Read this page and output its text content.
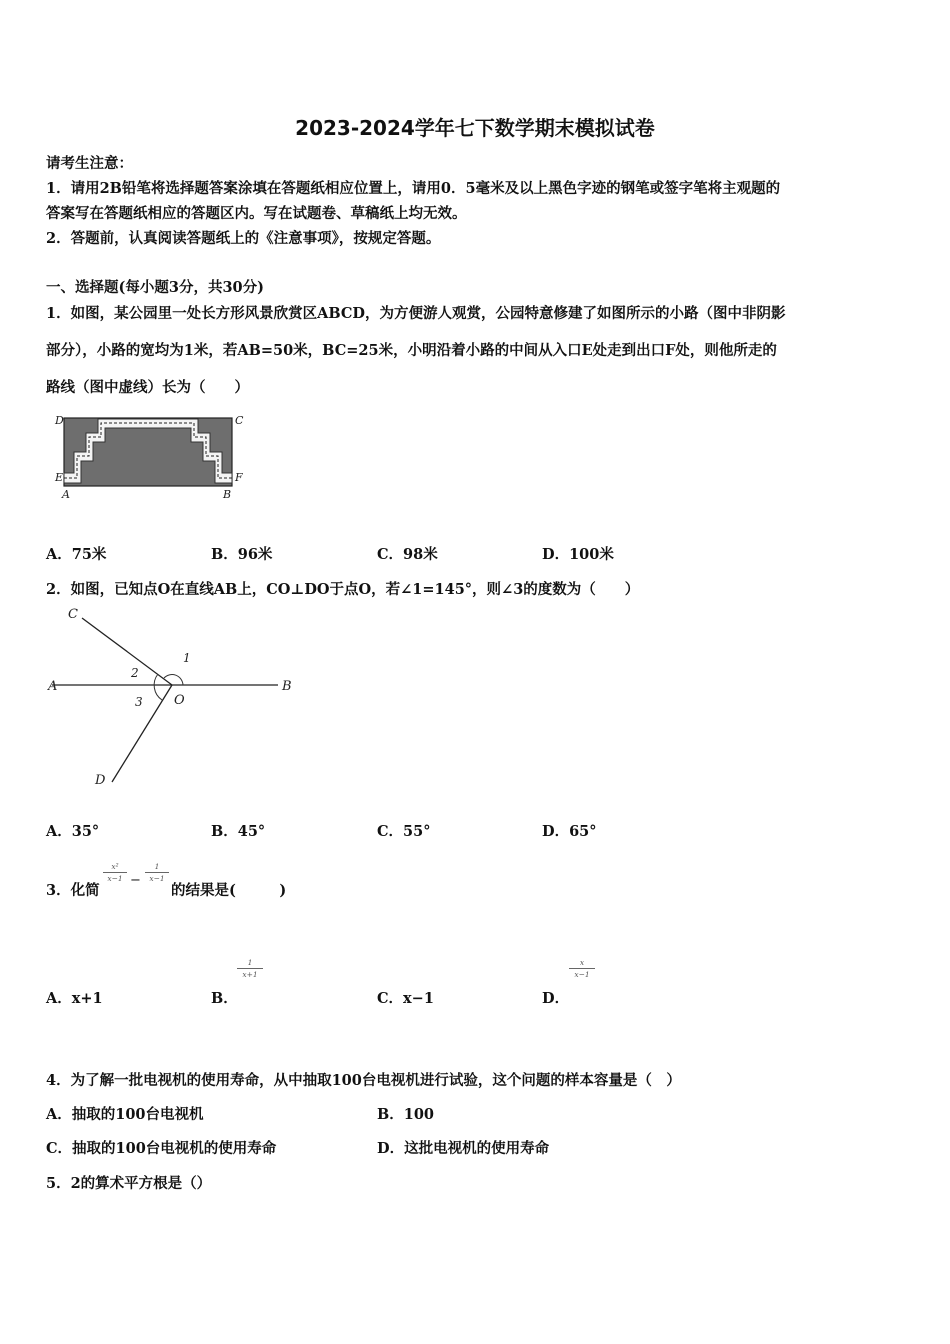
2023-2024学年七下数学期末模拟试卷
请考生注意：
1．请用2B铅笔将选择题答案涂填在答题纸相应位置上，请用0．5毫米及以上黑色字迹的钢笔或签字笔将主观题的
答案写在答题纸相应的答题区内。写在试题卷、草稿纸上均无效。
2．答题前，认真阅读答题纸上的《注意事项》，按规定答题。
一、选择题(每小题3分，共30分)
1．如图，某公园里一处长方形风景欣赏区ABCD，为方便游人观赏，公园特意修建了如图所示的小路（图中非阴影
部分），小路的宽均为1米，若AB=50米，BC=25米，小明沿着小路的中间从入口E处走到出口F处，则他所走的
路线（图中虚线）长为（　　）
D	C
E	F
A	B
A．75米	B．96米	C．98米	D．100米
2．如图，已知点O在直线AB上，CO⊥DO于点O，若∠1=145°，则∠3的度数为（　　）
C
A	B
D
O
1
2
3
A．35°	B．45°	C．55°	D．65°
3．化简
$\frac{\text{x²}}{x-1} - \frac{1}{x-1}$
的结果是(　　　)
A．x+1	B．
$\frac{1}{x+1}$
C．x−1	D．
$\frac{x}{x-1}$
4．为了解一批电视机的使用寿命，从中抽取100台电视机进行试验，这个问题的样本容量是（　）
A．抽取的100台电视机	B．100
C．抽取的100台电视机的使用寿命	D．这批电视机的使用寿命
5．2的算术平方根是（）
